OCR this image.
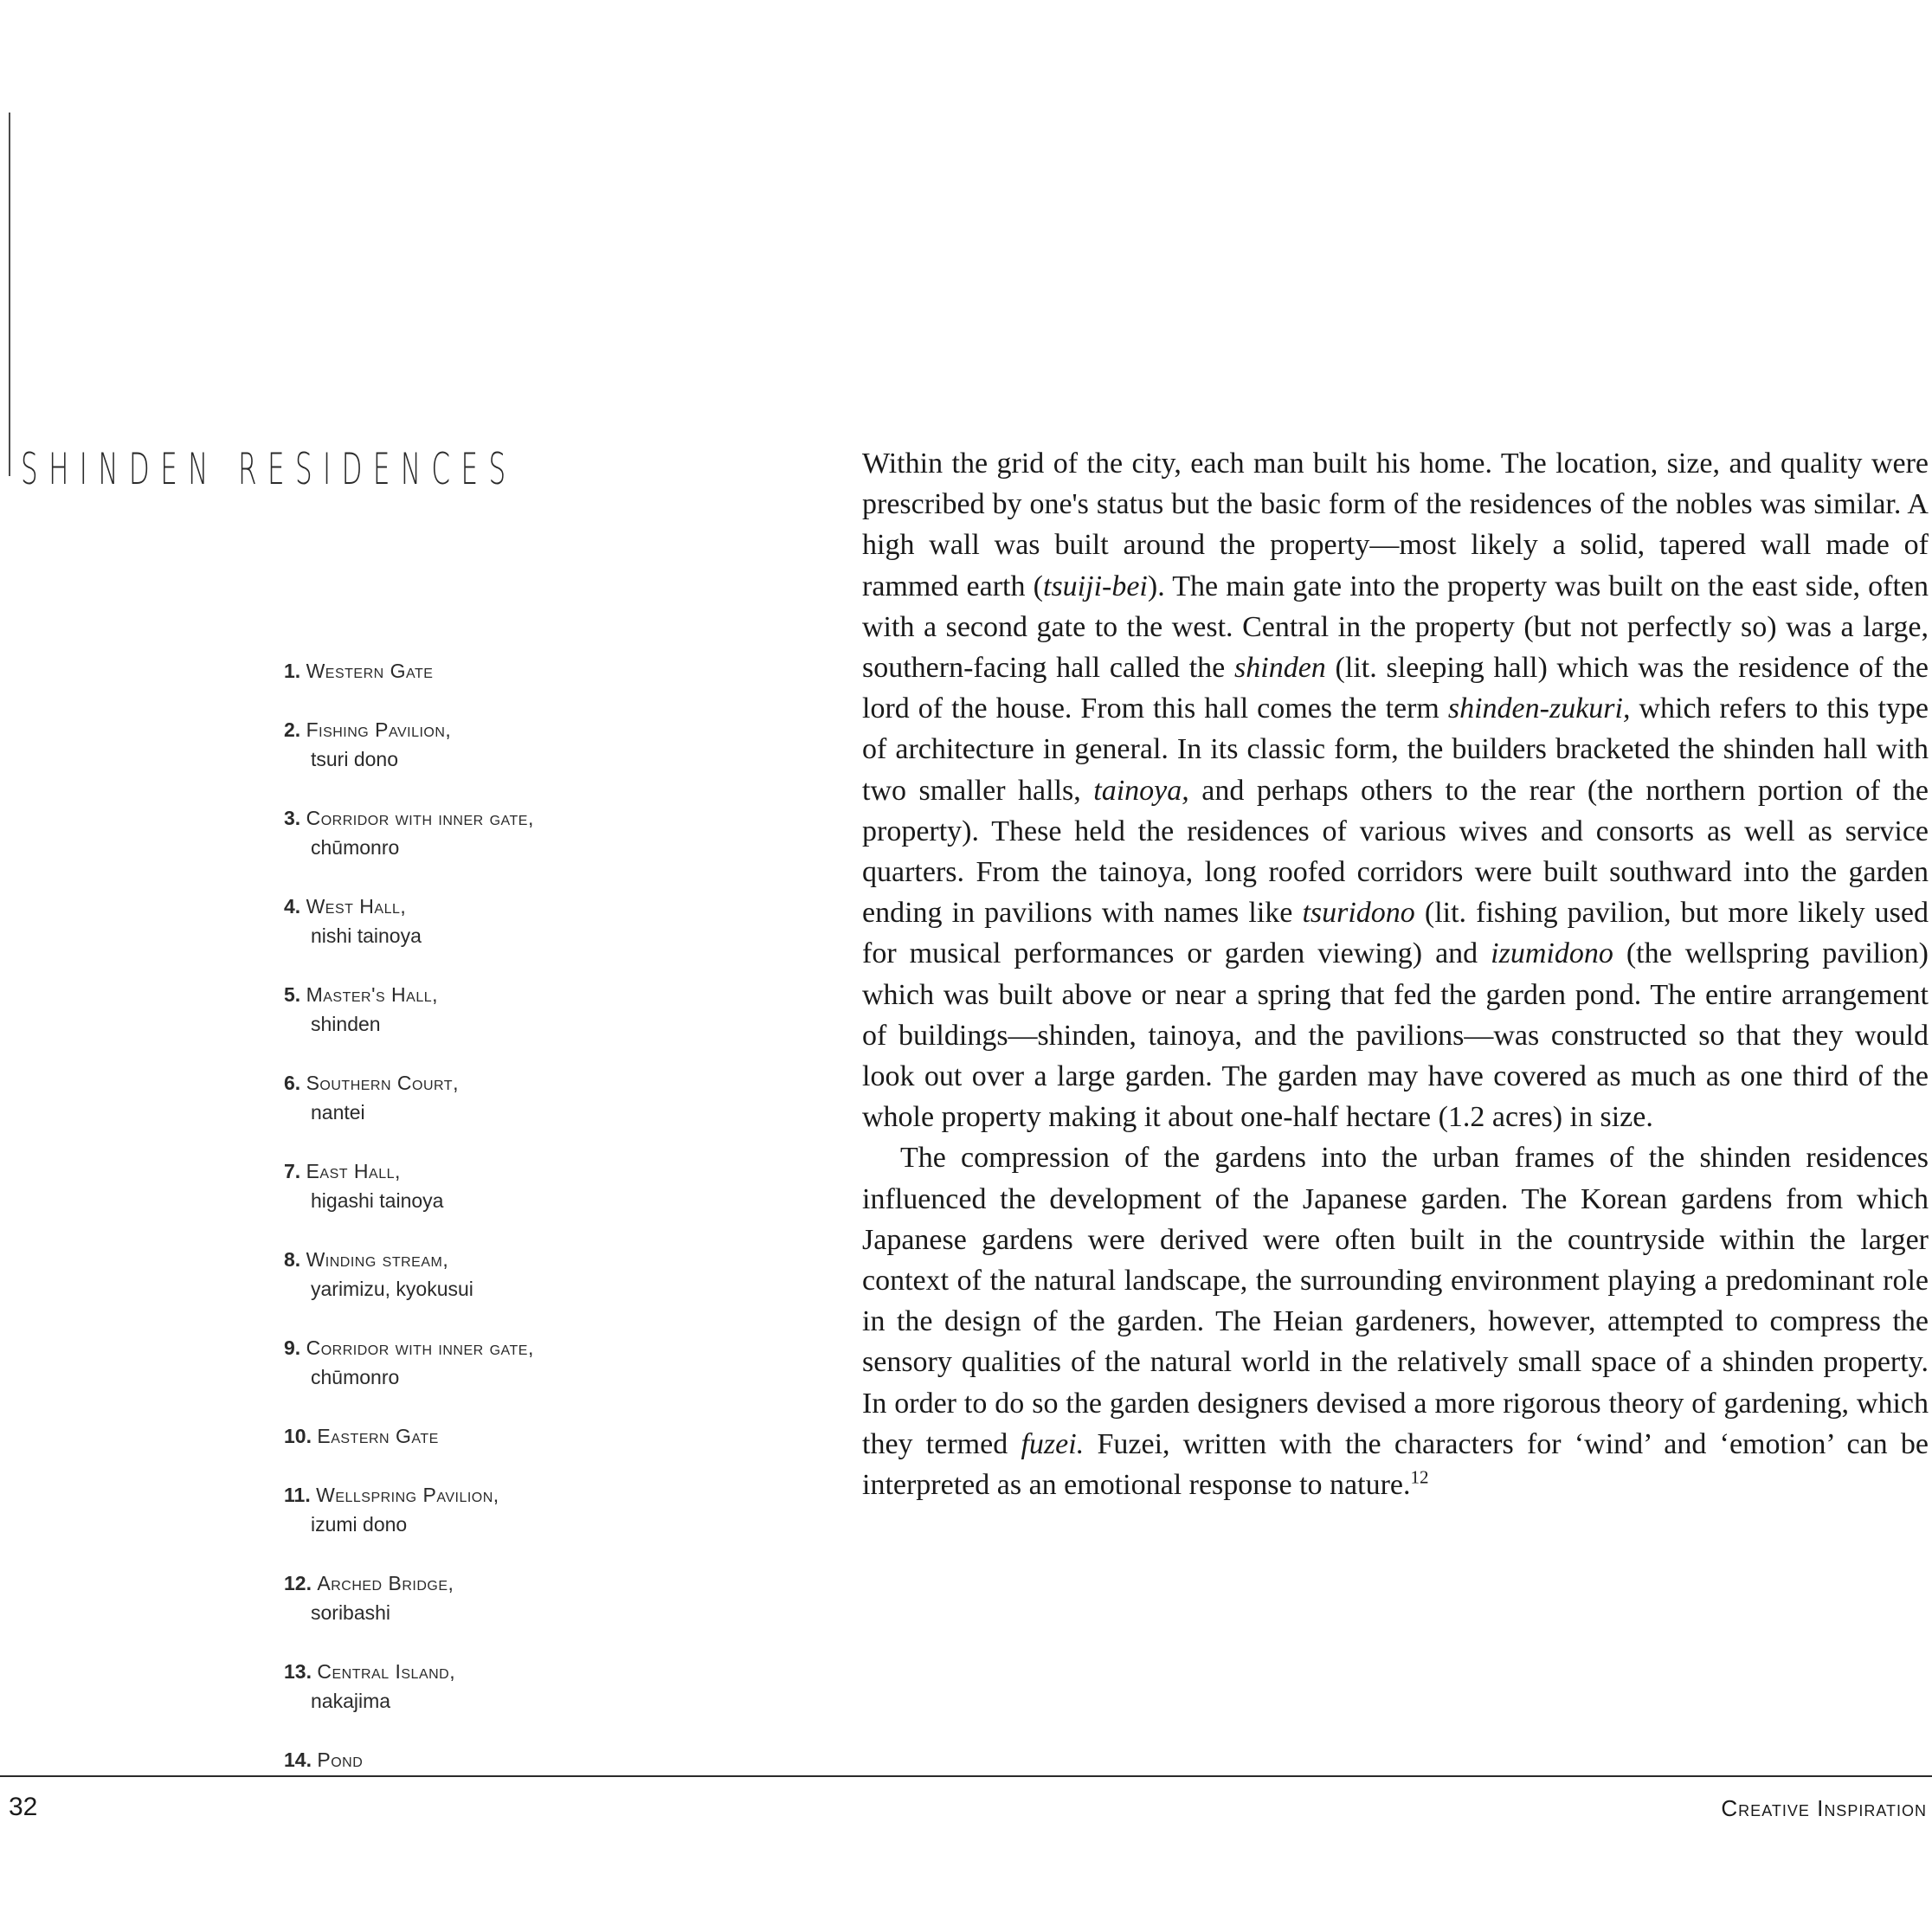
SHINDEN RESIDENCES
1. Western Gate
2. Fishing Pavilion,
tsuri dono
3. Corridor with inner gate,
chūmonro
4. West Hall,
nishi tainoya
5. Master's Hall,
shinden
6. Southern Court,
nantei
7. East Hall,
higashi tainoya
8. Winding stream,
yarimizu, kyokusui
9. Corridor with inner gate,
chūmonro
10. Eastern Gate
11. Wellspring Pavilion,
izumi dono
12. Arched Bridge,
soribashi
13. Central Island,
nakajima
14. Pond

Within the grid of the city, each man built his home. The location, size, and quality were prescribed by one's status but the basic form of the residences of the nobles was similar. A high wall was built around the property—most likely a solid, tapered wall made of rammed earth (tsuiji-bei). The main gate into the property was built on the east side, often with a second gate to the west. Central in the property (but not perfectly so) was a large, southern-facing hall called the shinden (lit. sleeping hall) which was the residence of the lord of the house. From this hall comes the term shinden-zukuri, which refers to this type of architecture in general. In its classic form, the builders bracketed the shinden hall with two smaller halls, tainoya, and perhaps others to the rear (the northern portion of the property). These held the residences of various wives and consorts as well as service quarters. From the tainoya, long roofed corridors were built southward into the garden ending in pavilions with names like tsuridono (lit. fishing pavilion, but more likely used for musical performances or garden viewing) and izumidono (the wellspring pavilion) which was built above or near a spring that fed the garden pond. The entire arrangement of buildings—shinden, tainoya, and the pavilions—was constructed so that they would look out over a large garden. The garden may have covered as much as one third of the whole property making it about one-half hectare (1.2 acres) in size.

The compression of the gardens into the urban frames of the shinden residences influenced the development of the Japanese garden. The Korean gardens from which Japanese gardens were derived were often built in the countryside within the larger context of the natural landscape, the surrounding environment playing a predominant role in the design of the garden. The Heian gardeners, however, attempted to compress the sensory qualities of the natural world in the relatively small space of a shinden property. In order to do so the garden designers devised a more rigorous theory of gardening, which they termed fuzei. Fuzei, written with the characters for ‘wind’ and ‘emotion’ can be interpreted as an emotional response to nature.$^{12}$

32	Creative Inspiration
